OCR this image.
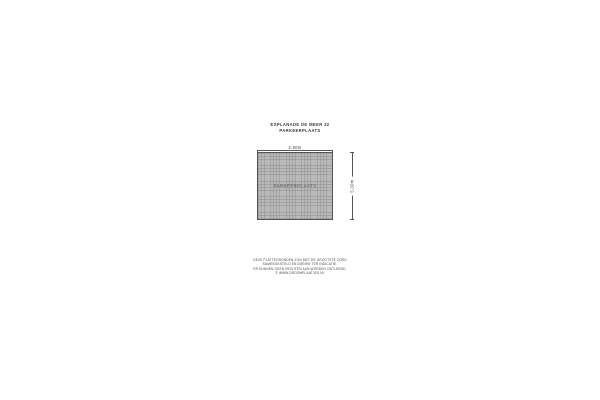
ESPLANADE DE MEER 32
PARKEERPLAATS
2.50m
PARKEERPLAATS	5.00m
DEZE PLATTEGRONDEN ZIJN MET DE GROOTSTE ZORG
SAMENGESTELD EN DIENEN TER INDICATIE.
ER KUNNEN GEEN RECHTEN AAN WORDEN ONTLEEND.
© WWW.DROOMPLAATJES.NL
